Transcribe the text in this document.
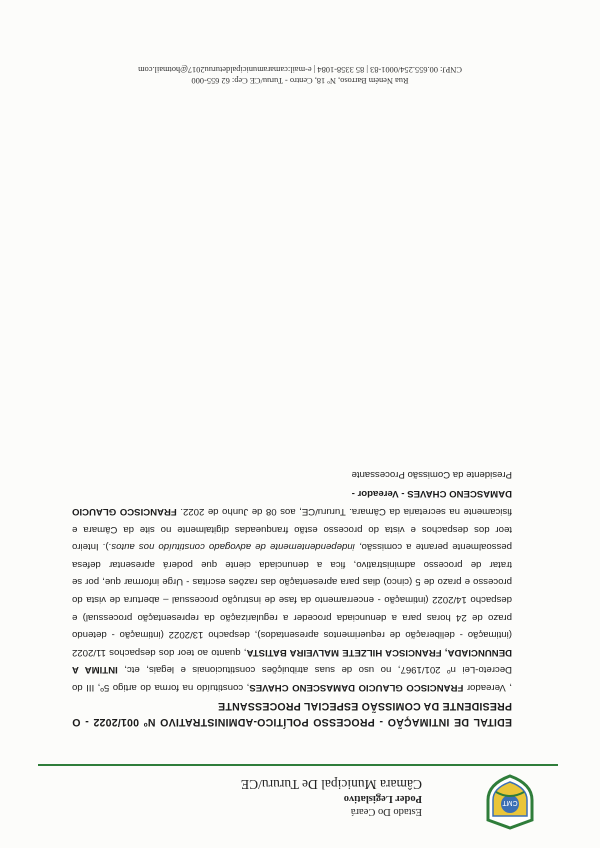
CMT
Estado Do Ceará
Poder Legislativo
Câmara Municipal De Tururu/CE

EDITAL DE INTIMAÇÃO - PROCESSO POLÍTICO-ADMINISTRATIVO Nº 001/2022 - O PRESIDENTE DA COMISSÃO ESPECIAL PROCESSANTE

, Vereador FRANCISCO GLAUCIO DAMASCENO CHAVES, constituído na forma do artigo 5º, III do Decreto-Lei nº 201/1967, no uso de suas atribuições constitucionais e legais, etc, INTIMA A DENUNCIADA, FRANCISCA HILZETE MALVEIRA BATISTA, quanto ao teor dos despachos 11/2022 (intimação - deliberação de requerimentos apresentados), despacho 13/2022 (intimação - detendo prazo de 24 horas para a denunciada proceder a regularização da representação processual) e despacho 14/2022 (intimação - encerramento da fase de instrução processual – abertura de vista do processo e prazo de 5 (cinco) dias para apresentação das razões escritas - Urge informar que, por se tratar de processo administrativo, fica a denunciada ciente que poderá apresentar defesa pessoalmente perante a comissão, independentemente de advogado constituído nos autos.). Inteiro teor dos despachos e vista do processo estão franqueadas digitalmente no site da Câmara e fisicamente na secretaria da Câmara. Tururu/CE, aos 08 de Junho de 2022. FRANCISCO GLAUCIO DAMASCENO CHAVES - Vereador -

Presidente da Comissão Processante
Rua Neném Barroso, Nº 18, Centro - Turuu/CE Cep: 62 655-000
CNPJ: 00.655.254/0001-83 | 85 3358-1084 | e-mail:camaramunicipaldeturuu2017@hotmail.com
